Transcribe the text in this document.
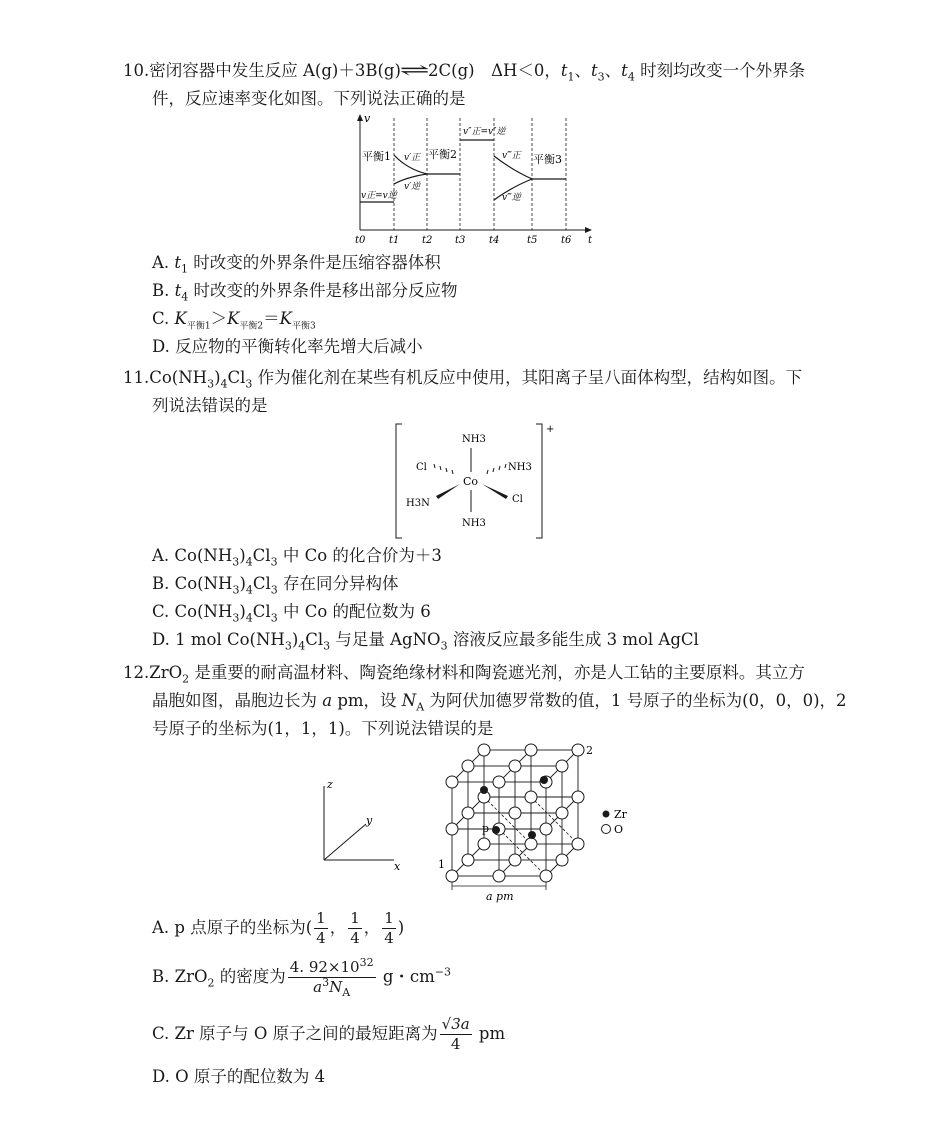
10.密闭容器中发生反应 A(g)＋3B(g)⇌2C(g)　ΔH＜0，$t_1$、$t_3$、$t_4$ 时刻均改变一个外界条
件，反应速率变化如图。下列说法正确的是
v
平衡1	平衡2	平衡3
v正=v逆
v″正=v″逆
v′正
v′逆
v‴正
v‴逆
t0 t1 t2 t3 t4	t5 t6 t
A. $t_1$ 时改变的外界条件是压缩容器体积
B. $t_4$ 时改变的外界条件是移出部分反应物
C. $K_{平衡1}>K_{平衡2}=K_{平衡3}$
D. 反应物的平衡转化率先增大后减小
$11.Co(NH_3)_4Cl_3$ 作为催化剂在某些有机反应中使用，其阳离子呈八面体构型，结构如图。下
列说法错误的是
+
Co
NH3
NH3
Cl	NH3
H3N	Cl
A. $Co(NH_3)_4Cl_3$ 中 Co 的化合价为＋3
B. $Co(NH_3)_4Cl_3$ 存在同分异构体
C. $Co(NH_3)_4Cl_3$ 中 Co 的配位数为 6
D. 1 mol $Co(NH_3)_4Cl_3$ 与足量 AgNO$_3$ 溶液反应最多能生成 3 mol AgCl
12.ZrO$_2$ 是重要的耐高温材料、陶瓷绝缘材料和陶瓷遮光剂，亦是人工钻的主要原料。其立方
晶胞如图，晶胞边长为 a pm，设 $N_A$ 为阿伏加德罗常数的值，1 号原子的坐标为(0，0，0)，2
号原子的坐标为(1，1，1)。下列说法错误的是
z
y
x
p
1
2
a pm
Zr
O
A. p 点原子的坐标为( $\frac{1}{4}$ ， $\frac{1}{4}$ ， $\frac{1}{4}$ )
B. ZrO$_2$ 的密度为 $\frac{4. 92\times 10^{32}}{a^3N_A}$ g・$cm^{-3}$
C. Zr 原子与 O 原子之间的最短距离为 $\frac{√3a}{4}$ pm
D. O 原子的配位数为 4
